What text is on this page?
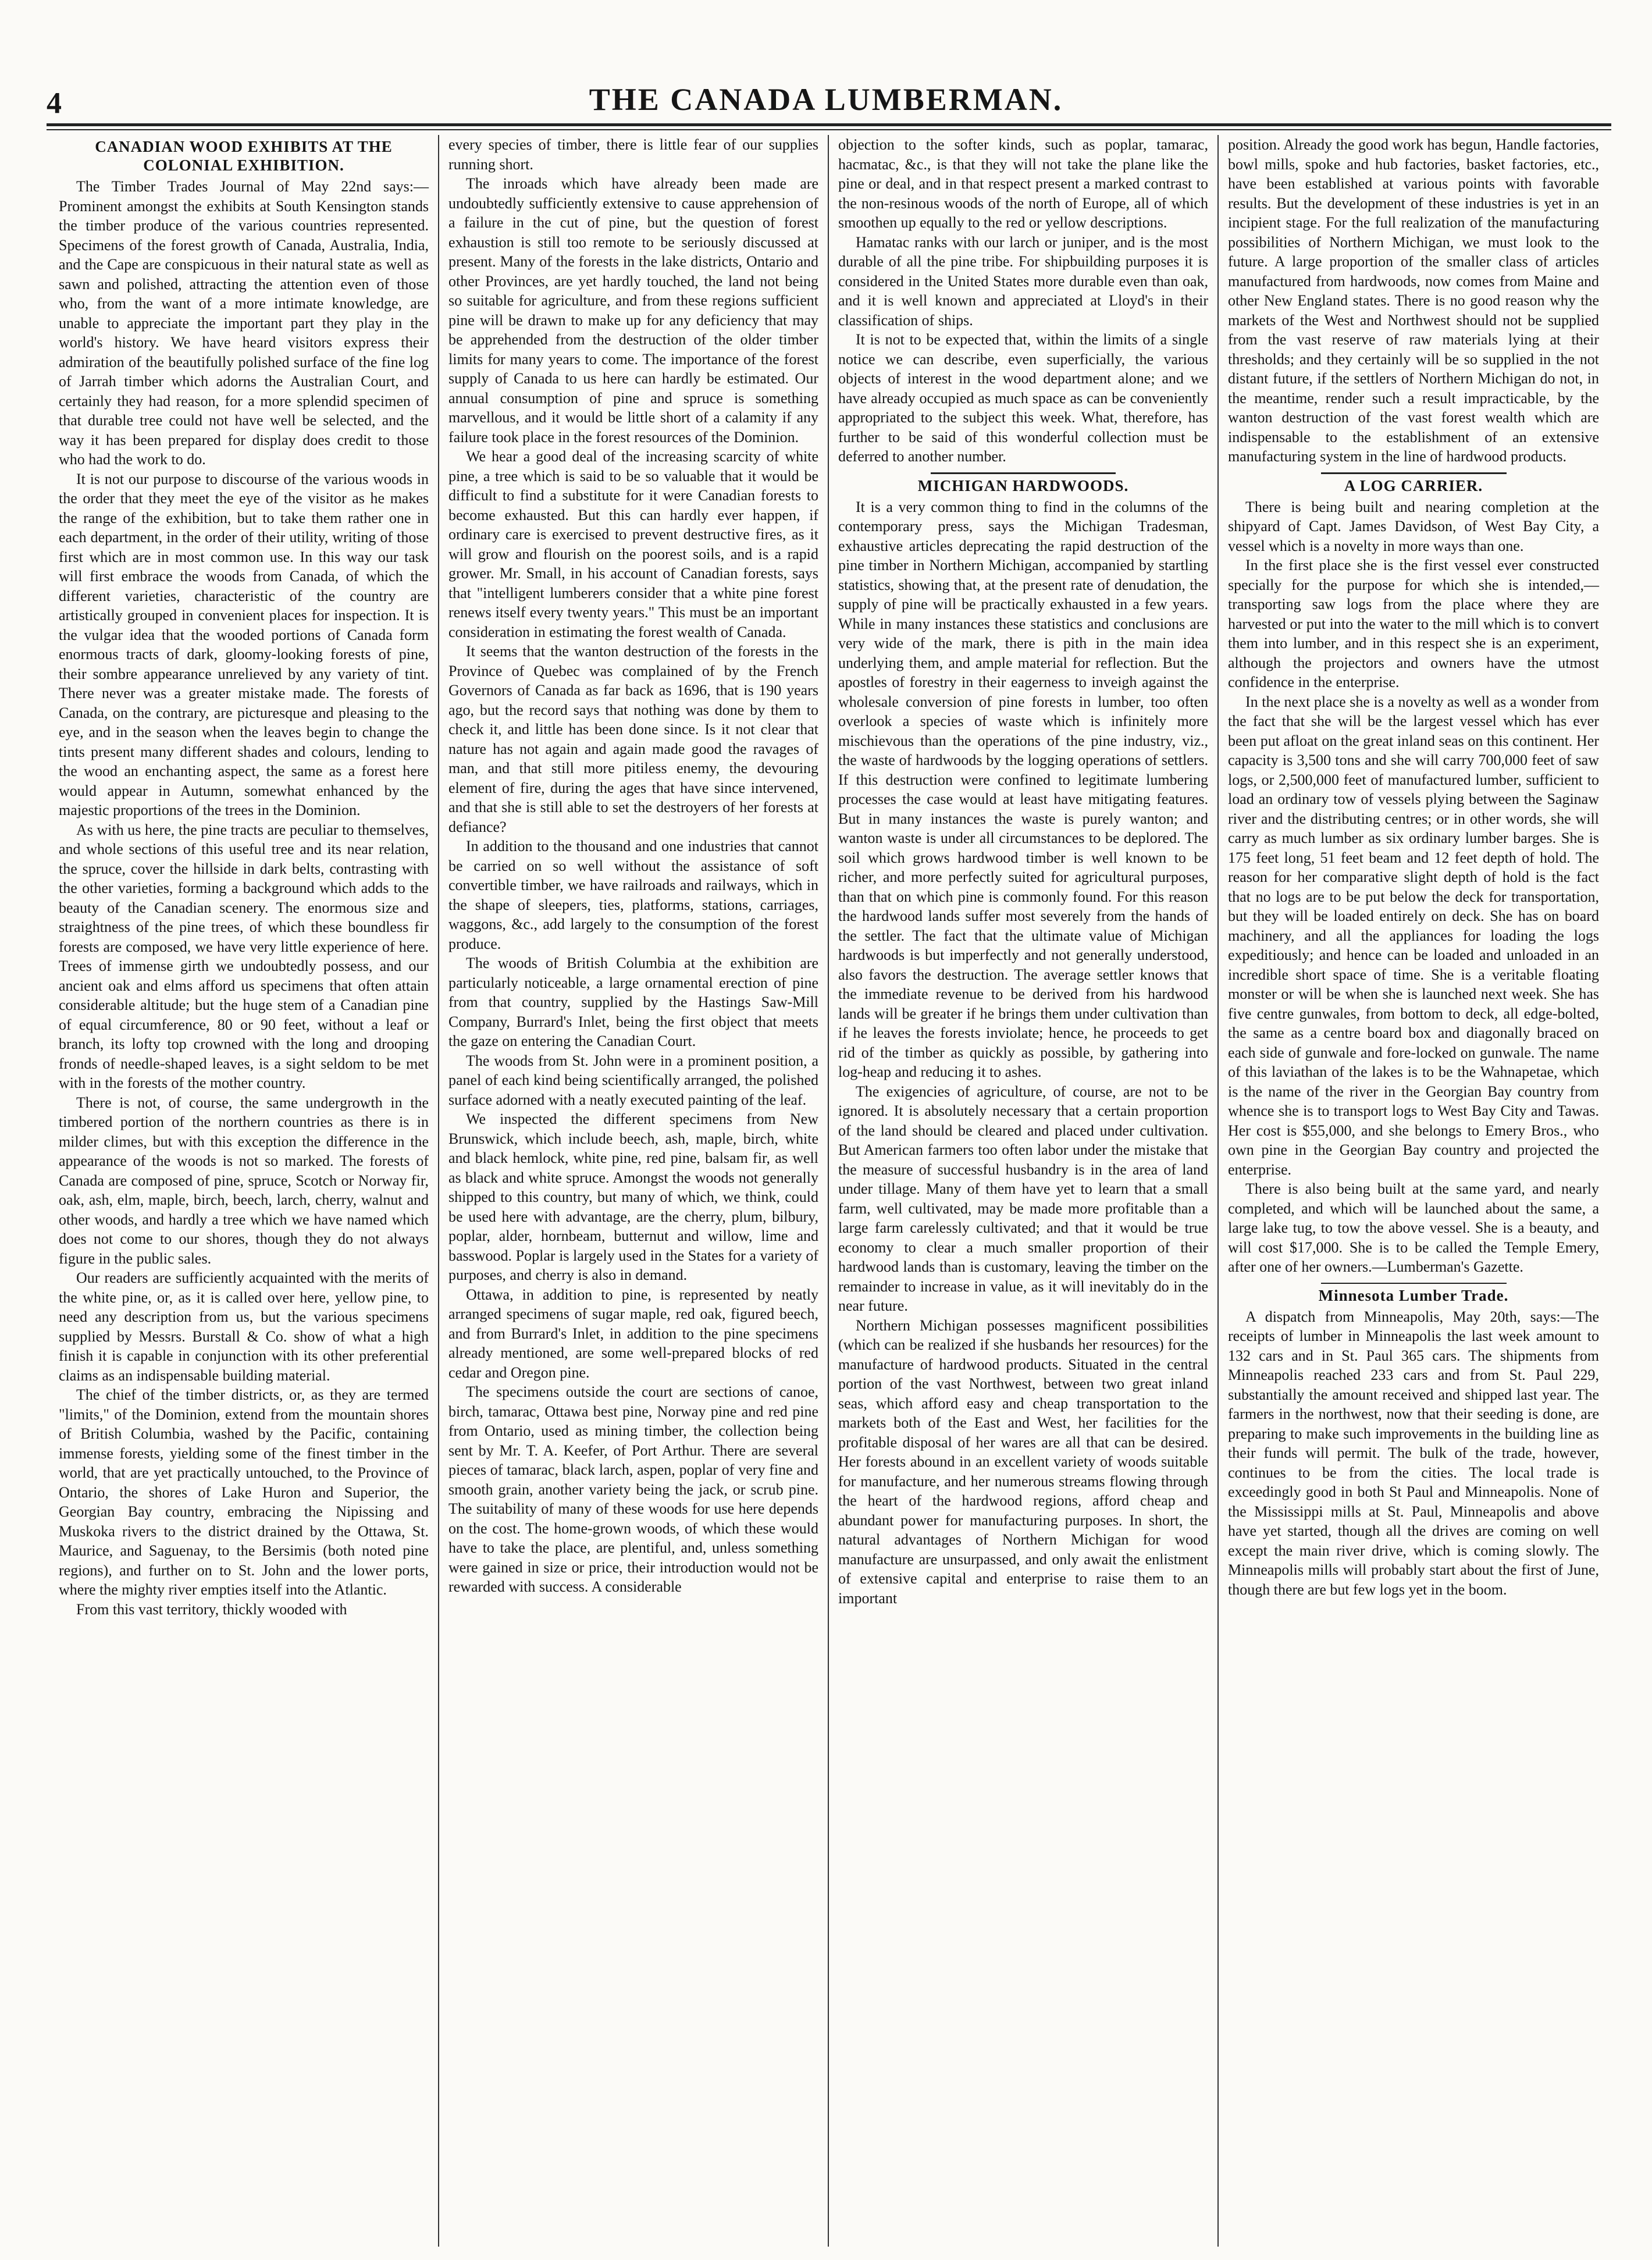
4	THE CANADA LUMBERMAN.
CANADIAN WOOD EXHIBITS AT THE COLONIAL EXHIBITION.

The Timber Trades Journal of May 22nd says:—Prominent amongst the exhibits at South Kensington stands the timber produce of the various countries represented. Specimens of the forest growth of Canada, Australia, India, and the Cape are conspicuous in their natural state as well as sawn and polished, attracting the attention even of those who, from the want of a more intimate knowledge, are unable to appreciate the important part they play in the world's history. We have heard visitors express their admiration of the beautifully polished surface of the fine log of Jarrah timber which adorns the Australian Court, and certainly they had reason, for a more splendid specimen of that durable tree could not have well be selected, and the way it has been prepared for display does credit to those who had the work to do.

It is not our purpose to discourse of the various woods in the order that they meet the eye of the visitor as he makes the range of the exhibition, but to take them rather one in each department, in the order of their utility, writing of those first which are in most common use. In this way our task will first embrace the woods from Canada, of which the different varieties, characteristic of the country are artistically grouped in convenient places for inspection. It is the vulgar idea that the wooded portions of Canada form enormous tracts of dark, gloomy-looking forests of pine, their sombre appearance unrelieved by any variety of tint. There never was a greater mistake made. The forests of Canada, on the contrary, are picturesque and pleasing to the eye, and in the season when the leaves begin to change the tints present many different shades and colours, lending to the wood an enchanting aspect, the same as a forest here would appear in Autumn, somewhat enhanced by the majestic proportions of the trees in the Dominion.

As with us here, the pine tracts are peculiar to themselves, and whole sections of this useful tree and its near relation, the spruce, cover the hillside in dark belts, contrasting with the other varieties, forming a background which adds to the beauty of the Canadian scenery. The enormous size and straightness of the pine trees, of which these boundless fir forests are composed, we have very little experience of here. Trees of immense girth we undoubtedly possess, and our ancient oak and elms afford us specimens that often attain considerable altitude; but the huge stem of a Canadian pine of equal circumference, 80 or 90 feet, without a leaf or branch, its lofty top crowned with the long and drooping fronds of needle-shaped leaves, is a sight seldom to be met with in the forests of the mother country.

There is not, of course, the same undergrowth in the timbered portion of the northern countries as there is in milder climes, but with this exception the difference in the appearance of the woods is not so marked. The forests of Canada are composed of pine, spruce, Scotch or Norway fir, oak, ash, elm, maple, birch, beech, larch, cherry, walnut and other woods, and hardly a tree which we have named which does not come to our shores, though they do not always figure in the public sales.

Our readers are sufficiently acquainted with the merits of the white pine, or, as it is called over here, yellow pine, to need any description from us, but the various specimens supplied by Messrs. Burstall & Co. show of what a high finish it is capable in conjunction with its other preferential claims as an indispensable building material.

The chief of the timber districts, or, as they are termed "limits," of the Dominion, extend from the mountain shores of British Columbia, washed by the Pacific, containing immense forests, yielding some of the finest timber in the world, that are yet practically untouched, to the Province of Ontario, the shores of Lake Huron and Superior, the Georgian Bay country, embracing the Nipissing and Muskoka rivers to the district drained by the Ottawa, St. Maurice, and Saguenay, to the Bersimis (both noted pine regions), and further on to St. John and the lower ports, where the mighty river empties itself into the Atlantic.

From this vast territory, thickly wooded with

every species of timber, there is little fear of our supplies running short.

The inroads which have already been made are undoubtedly sufficiently extensive to cause apprehension of a failure in the cut of pine, but the question of forest exhaustion is still too remote to be seriously discussed at present. Many of the forests in the lake districts, Ontario and other Provinces, are yet hardly touched, the land not being so suitable for agriculture, and from these regions sufficient pine will be drawn to make up for any deficiency that may be apprehended from the destruction of the older timber limits for many years to come. The importance of the forest supply of Canada to us here can hardly be estimated. Our annual consumption of pine and spruce is something marvellous, and it would be little short of a calamity if any failure took place in the forest resources of the Dominion.

We hear a good deal of the increasing scarcity of white pine, a tree which is said to be so valuable that it would be difficult to find a substitute for it were Canadian forests to become exhausted. But this can hardly ever happen, if ordinary care is exercised to prevent destructive fires, as it will grow and flourish on the poorest soils, and is a rapid grower. Mr. Small, in his account of Canadian forests, says that "intelligent lumberers consider that a white pine forest renews itself every twenty years." This must be an important consideration in estimating the forest wealth of Canada.

It seems that the wanton destruction of the forests in the Province of Quebec was complained of by the French Governors of Canada as far back as 1696, that is 190 years ago, but the record says that nothing was done by them to check it, and little has been done since. Is it not clear that nature has not again and again made good the ravages of man, and that still more pitiless enemy, the devouring element of fire, during the ages that have since intervened, and that she is still able to set the destroyers of her forests at defiance?

In addition to the thousand and one industries that cannot be carried on so well without the assistance of soft convertible timber, we have railroads and railways, which in the shape of sleepers, ties, platforms, stations, carriages, waggons, &c., add largely to the consumption of the forest produce.

The woods of British Columbia at the exhibition are particularly noticeable, a large ornamental erection of pine from that country, supplied by the Hastings Saw-Mill Company, Burrard's Inlet, being the first object that meets the gaze on entering the Canadian Court.

The woods from St. John were in a prominent position, a panel of each kind being scientifically arranged, the polished surface adorned with a neatly executed painting of the leaf.

We inspected the different specimens from New Brunswick, which include beech, ash, maple, birch, white and black hemlock, white pine, red pine, balsam fir, as well as black and white spruce. Amongst the woods not generally shipped to this country, but many of which, we think, could be used here with advantage, are the cherry, plum, bilbury, poplar, alder, hornbeam, butternut and willow, lime and basswood. Poplar is largely used in the States for a variety of purposes, and cherry is also in demand.

Ottawa, in addition to pine, is represented by neatly arranged specimens of sugar maple, red oak, figured beech, and from Burrard's Inlet, in addition to the pine specimens already mentioned, are some well-prepared blocks of red cedar and Oregon pine.

The specimens outside the court are sections of canoe, birch, tamarac, Ottawa best pine, Norway pine and red pine from Ontario, used as mining timber, the collection being sent by Mr. T. A. Keefer, of Port Arthur. There are several pieces of tamarac, black larch, aspen, poplar of very fine and smooth grain, another variety being the jack, or scrub pine. The suitability of many of these woods for use here depends on the cost. The home-grown woods, of which these would have to take the place, are plentiful, and, unless something were gained in size or price, their introduction would not be rewarded with success. A considerable

objection to the softer kinds, such as poplar, tamarac, hacmatac, &c., is that they will not take the plane like the pine or deal, and in that respect present a marked contrast to the non-resinous woods of the north of Europe, all of which smoothen up equally to the red or yellow descriptions.

Hamatac ranks with our larch or juniper, and is the most durable of all the pine tribe. For shipbuilding purposes it is considered in the United States more durable even than oak, and it is well known and appreciated at Lloyd's in their classification of ships.

It is not to be expected that, within the limits of a single notice we can describe, even superficially, the various objects of interest in the wood department alone; and we have already occupied as much space as can be conveniently appropriated to the subject this week. What, therefore, has further to be said of this wonderful collection must be deferred to another number.

MICHIGAN HARDWOODS.

It is a very common thing to find in the columns of the contemporary press, says the Michigan Tradesman, exhaustive articles deprecating the rapid destruction of the pine timber in Northern Michigan, accompanied by startling statistics, showing that, at the present rate of denudation, the supply of pine will be practically exhausted in a few years. While in many instances these statistics and conclusions are very wide of the mark, there is pith in the main idea underlying them, and ample material for reflection. But the apostles of forestry in their eagerness to inveigh against the wholesale conversion of pine forests in lumber, too often overlook a species of waste which is infinitely more mischievous than the operations of the pine industry, viz., the waste of hardwoods by the logging operations of settlers. If this destruction were confined to legitimate lumbering processes the case would at least have mitigating features. But in many instances the waste is purely wanton; and wanton waste is under all circumstances to be deplored. The soil which grows hardwood timber is well known to be richer, and more perfectly suited for agricultural purposes, than that on which pine is commonly found. For this reason the hardwood lands suffer most severely from the hands of the settler. The fact that the ultimate value of Michigan hardwoods is but imperfectly and not generally understood, also favors the destruction. The average settler knows that the immediate revenue to be derived from his hardwood lands will be greater if he brings them under cultivation than if he leaves the forests inviolate; hence, he proceeds to get rid of the timber as quickly as possible, by gathering into log-heap and reducing it to ashes.

The exigencies of agriculture, of course, are not to be ignored. It is absolutely necessary that a certain proportion of the land should be cleared and placed under cultivation. But American farmers too often labor under the mistake that the measure of successful husbandry is in the area of land under tillage. Many of them have yet to learn that a small farm, well cultivated, may be made more profitable than a large farm carelessly cultivated; and that it would be true economy to clear a much smaller proportion of their hardwood lands than is customary, leaving the timber on the remainder to increase in value, as it will inevitably do in the near future.

Northern Michigan possesses magnificent possibilities (which can be realized if she husbands her resources) for the manufacture of hardwood products. Situated in the central portion of the vast Northwest, between two great inland seas, which afford easy and cheap transportation to the markets both of the East and West, her facilities for the profitable disposal of her wares are all that can be desired. Her forests abound in an excellent variety of woods suitable for manufacture, and her numerous streams flowing through the heart of the hardwood regions, afford cheap and abundant power for manufacturing purposes. In short, the natural advantages of Northern Michigan for wood manufacture are unsurpassed, and only await the enlistment of extensive capital and enterprise to raise them to an important

position. Already the good work has begun, Handle factories, bowl mills, spoke and hub factories, basket factories, etc., have been established at various points with favorable results. But the development of these industries is yet in an incipient stage. For the full realization of the manufacturing possibilities of Northern Michigan, we must look to the future. A large proportion of the smaller class of articles manufactured from hardwoods, now comes from Maine and other New England states. There is no good reason why the markets of the West and Northwest should not be supplied from the vast reserve of raw materials lying at their thresholds; and they certainly will be so supplied in the not distant future, if the settlers of Northern Michigan do not, in the meantime, render such a result impracticable, by the wanton destruction of the vast forest wealth which are indispensable to the establishment of an extensive manufacturing system in the line of hardwood products.

A LOG CARRIER.

There is being built and nearing completion at the shipyard of Capt. James Davidson, of West Bay City, a vessel which is a novelty in more ways than one.

In the first place she is the first vessel ever constructed specially for the purpose for which she is intended,—transporting saw logs from the place where they are harvested or put into the water to the mill which is to convert them into lumber, and in this respect she is an experiment, although the projectors and owners have the utmost confidence in the enterprise.

In the next place she is a novelty as well as a wonder from the fact that she will be the largest vessel which has ever been put afloat on the great inland seas on this continent. Her capacity is 3,500 tons and she will carry 700,000 feet of saw logs, or 2,500,000 feet of manufactured lumber, sufficient to load an ordinary tow of vessels plying between the Saginaw river and the distributing centres; or in other words, she will carry as much lumber as six ordinary lumber barges. She is 175 feet long, 51 feet beam and 12 feet depth of hold. The reason for her comparative slight depth of hold is the fact that no logs are to be put below the deck for transportation, but they will be loaded entirely on deck. She has on board machinery, and all the appliances for loading the logs expeditiously; and hence can be loaded and unloaded in an incredible short space of time. She is a veritable floating monster or will be when she is launched next week. She has five centre gunwales, from bottom to deck, all edge-bolted, the same as a centre board box and diagonally braced on each side of gunwale and fore-locked on gunwale. The name of this laviathan of the lakes is to be the Wahnapetae, which is the name of the river in the Georgian Bay country from whence she is to transport logs to West Bay City and Tawas. Her cost is $55,000, and she belongs to Emery Bros., who own pine in the Georgian Bay country and projected the enterprise.

There is also being built at the same yard, and nearly completed, and which will be launched about the same, a large lake tug, to tow the above vessel. She is a beauty, and will cost $17,000. She is to be called the Temple Emery, after one of her owners.—Lumberman's Gazette.

Minnesota Lumber Trade.

A dispatch from Minneapolis, May 20th, says:—The receipts of lumber in Minneapolis the last week amount to 132 cars and in St. Paul 365 cars. The shipments from Minneapolis reached 233 cars and from St. Paul 229, substantially the amount received and shipped last year. The farmers in the northwest, now that their seeding is done, are preparing to make such improvements in the building line as their funds will permit. The bulk of the trade, however, continues to be from the cities. The local trade is exceedingly good in both St Paul and Minneapolis. None of the Mississippi mills at St. Paul, Minneapolis and above have yet started, though all the drives are coming on well except the main river drive, which is coming slowly. The Minneapolis mills will probably start about the first of June, though there are but few logs yet in the boom.
